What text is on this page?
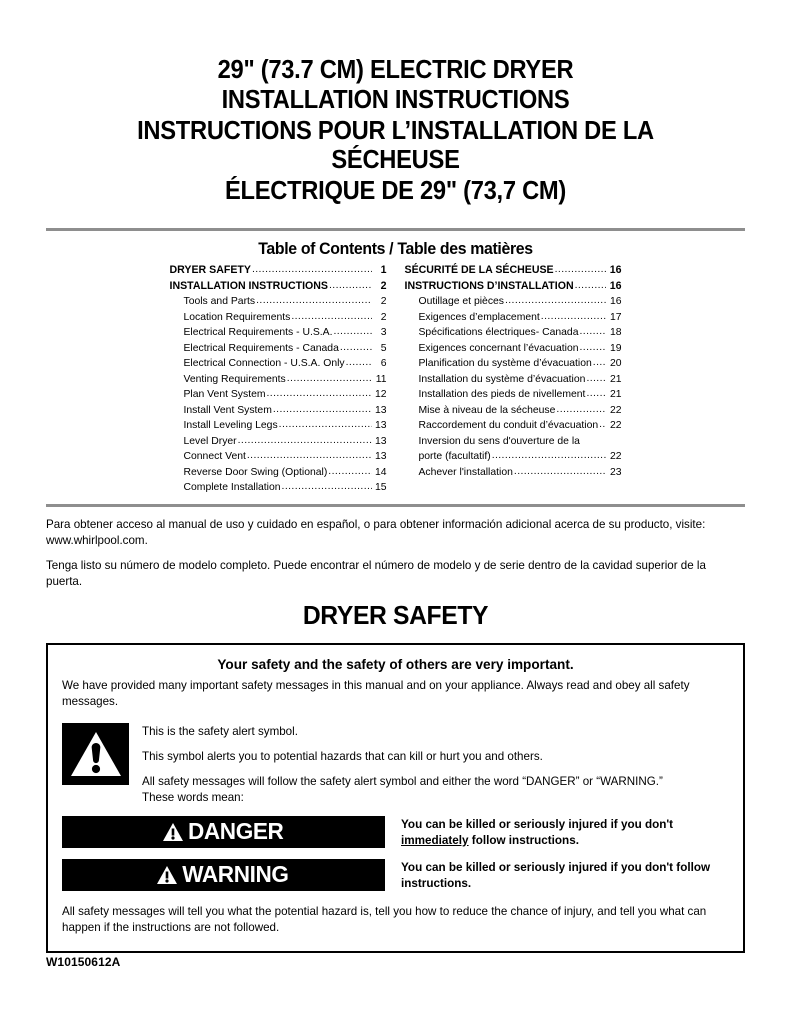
29" (73.7 CM) ELECTRIC DRYER
INSTALLATION INSTRUCTIONS
INSTRUCTIONS POUR L’INSTALLATION DE LA SÉCHEUSE
ÉLECTRIQUE DE 29" (73,7 CM)
Table of Contents / Table des matières
DRYER SAFETY .....	1
INSTALLATION INSTRUCTIONS .....	2
Tools and Parts .....	2
Location Requirements .....	2
Electrical Requirements - U.S.A. .....	3
Electrical Requirements - Canada .....	5
Electrical Connection - U.S.A. Only .....	6
Venting Requirements .....	11
Plan Vent System .....	12
Install Vent System .....	13
Install Leveling Legs .....	13
Level Dryer .....	13
Connect Vent .....	13
Reverse Door Swing (Optional) .....	14
Complete Installation .....	15
SÉCURITÉ DE LA SÉCHEUSE .....	16
INSTRUCTIONS D’INSTALLATION .....	16
Outillage et pièces .....	16
Exigences d’emplacement .....	17
Spécifications électriques- Canada .....	18
Exigences concernant l’évacuation .....	19
Planification du système d’évacuation .....	20
Installation du système d’évacuation .....	21
Installation des pieds de nivellement .....	21
Mise à niveau de la sécheuse .....	22
Raccordement du conduit d’évacuation .....	22
Inversion du sens d'ouverture de la
porte (facultatif) .....	22
Achever l'installation .....	23

Para obtener acceso al manual de uso y cuidado en español, o para obtener información adicional acerca de su producto, visite: www.whirlpool.com.

Tenga listo su número de modelo completo. Puede encontrar el número de modelo y de serie dentro de la cavidad superior de la puerta.

DRYER SAFETY
Your safety and the safety of others are very important.

We have provided many important safety messages in this manual and on your appliance. Always read and obey all safety messages.

This is the safety alert symbol.

This symbol alerts you to potential hazards that can kill or hurt you and others.

All safety messages will follow the safety alert symbol and either the word “DANGER” or “WARNING.”

These words mean:

DANGER	You can be killed or seriously injured if you don't immediately follow instructions.
WARNING	You can be killed or seriously injured if you don't follow instructions.

All safety messages will tell you what the potential hazard is, tell you how to reduce the chance of injury, and tell you what can happen if the instructions are not followed.

W10150612A
